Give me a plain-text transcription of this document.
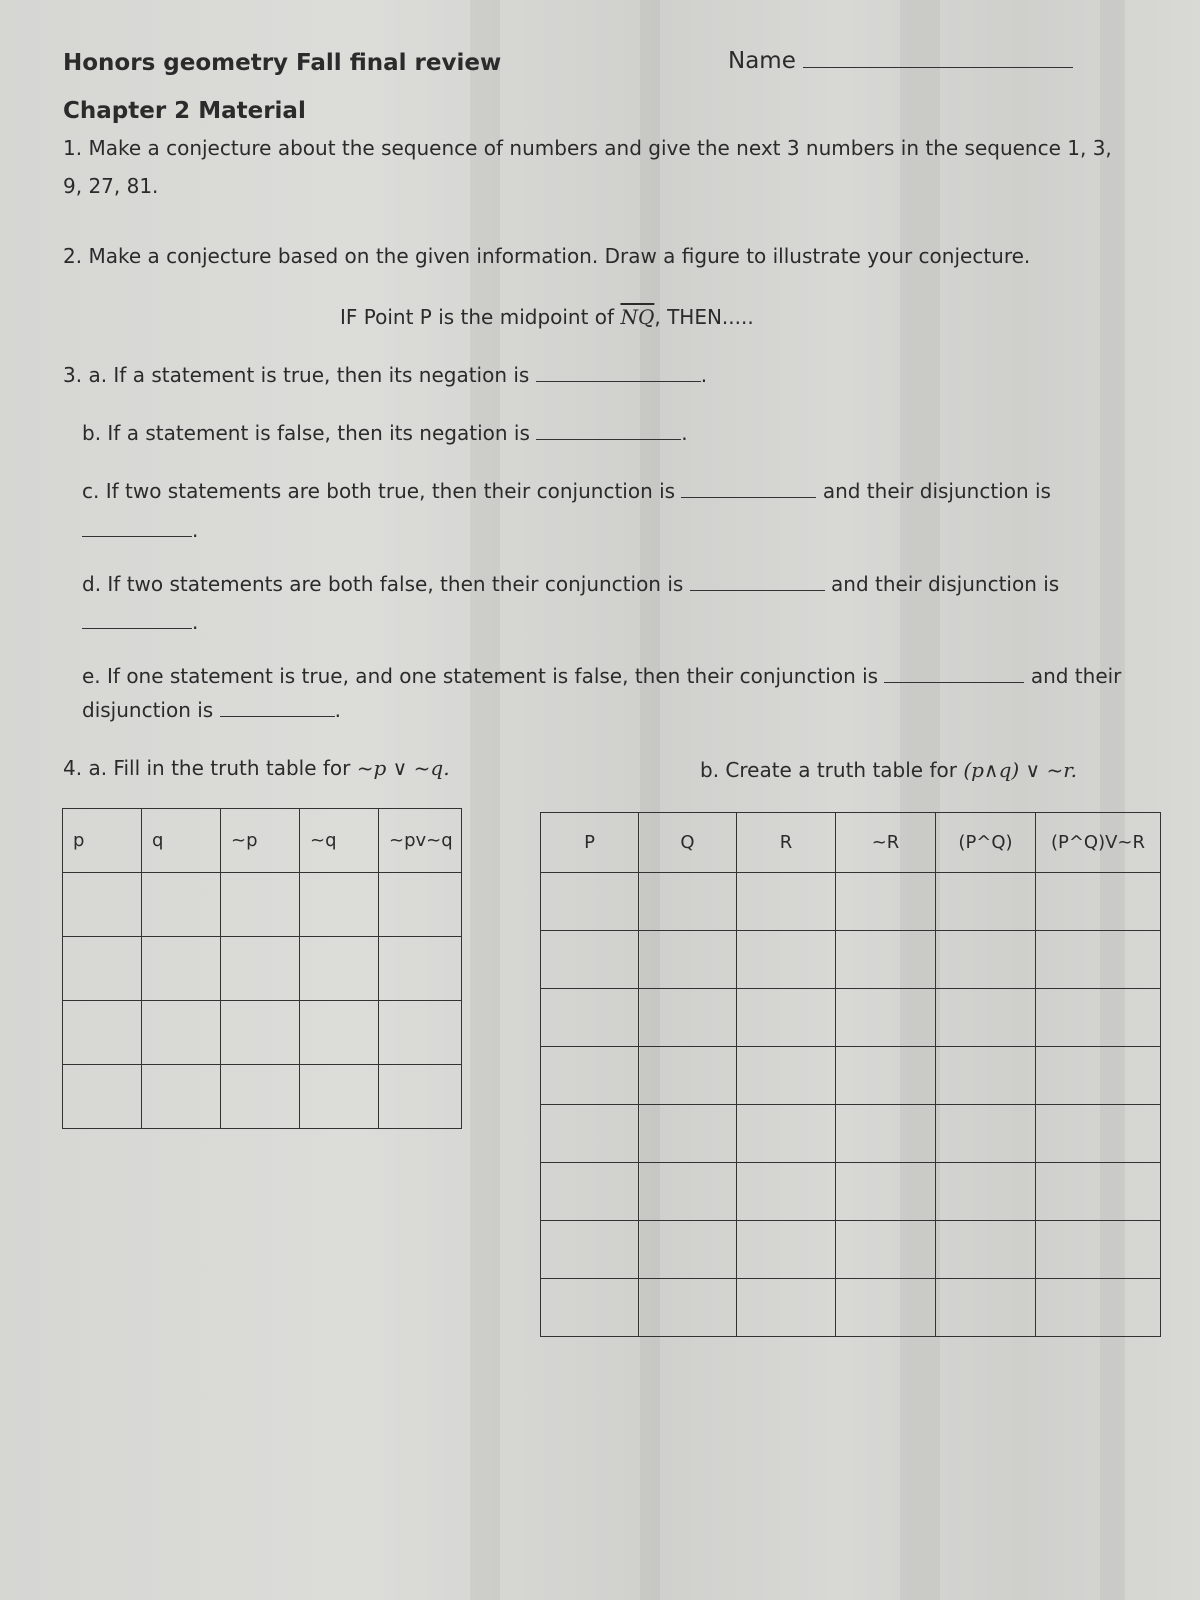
Honors geometry Fall final review	Name
Chapter 2 Material
1. Make a conjecture about the sequence of numbers and give the next 3 numbers in the sequence 1, 3,
9, 27, 81.
2. Make a conjecture based on the given information. Draw a figure to illustrate your conjecture.
IF Point P is the midpoint of $\overline{NQ}$, THEN.....
3. a. If a statement is true, then its negation is	.
b. If a statement is false, then its negation is	.
c. If two statements are both true, then their conjunction is	and their disjunction is
.
d. If two statements are both false, then their conjunction is	and their disjunction is
.
e. If one statement is true, and one statement is false, then their conjunction is	and their
disjunction is	.
4. a. Fill in the truth table for ~p ∨ ~q.	b. Create a truth table for (p∧q) ∨ ~r.
p	q	~p	~q	~pv~q

					P	Q	R	~R	(P^Q)	(P^Q)V~R
